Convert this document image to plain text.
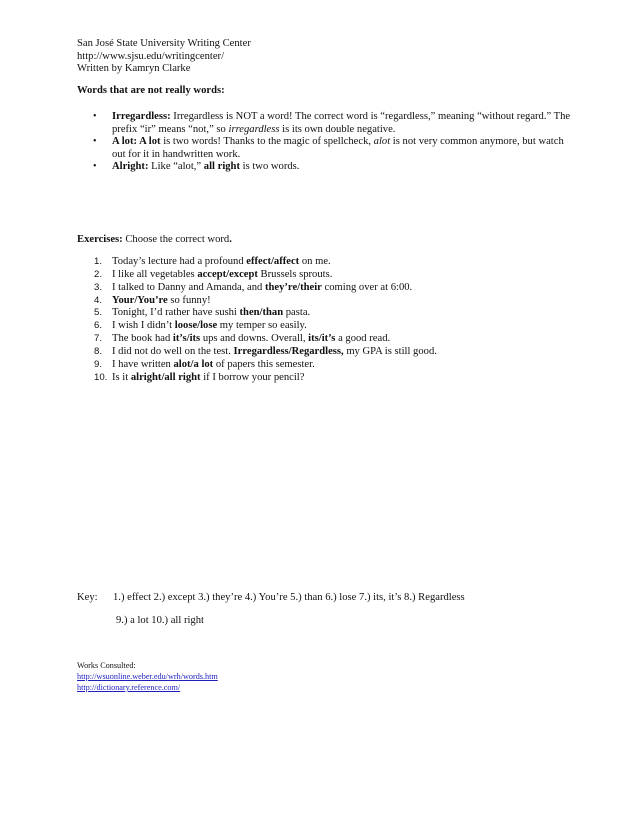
San José State University Writing Center
http://www.sjsu.edu/writingcenter/
Written by Kamryn Clarke
Words that are not really words:
• Irregardless: Irregardless is NOT a word! The correct word is “regardless,” meaning “without regard.” The prefix “ir” means “not,” so irregardless is its own double negative.
• A lot: A lot is two words! Thanks to the magic of spellcheck, alot is not very common anymore, but watch out for it in handwritten work.
• Alright: Like “alot,” all right is two words.
Exercises: Choose the correct word.
1. Today’s lecture had a profound effect/affect on me.
2. I like all vegetables accept/except Brussels sprouts.
3. I talked to Danny and Amanda, and they’re/their coming over at 6:00.
4. Your/You’re so funny!
5. Tonight, I’d rather have sushi then/than pasta.
6. I wish I didn’t loose/lose my temper so easily.
7. The book had it’s/its ups and downs. Overall, its/it’s a good read.
8. I did not do well on the test. Irregardless/Regardless, my GPA is still good.
9. I have written alot/a lot of papers this semester.
10. Is it alright/all right if I borrow your pencil?
Key: 1.) effect 2.) except 3.) they’re 4.) You’re 5.) than 6.) lose 7.) its, it’s 8.) Regardless
9.) a lot 10.) all right
Works Consulted:
http://wsuonline.weber.edu/wrh/words.htm
http://dictionary.reference.com/
